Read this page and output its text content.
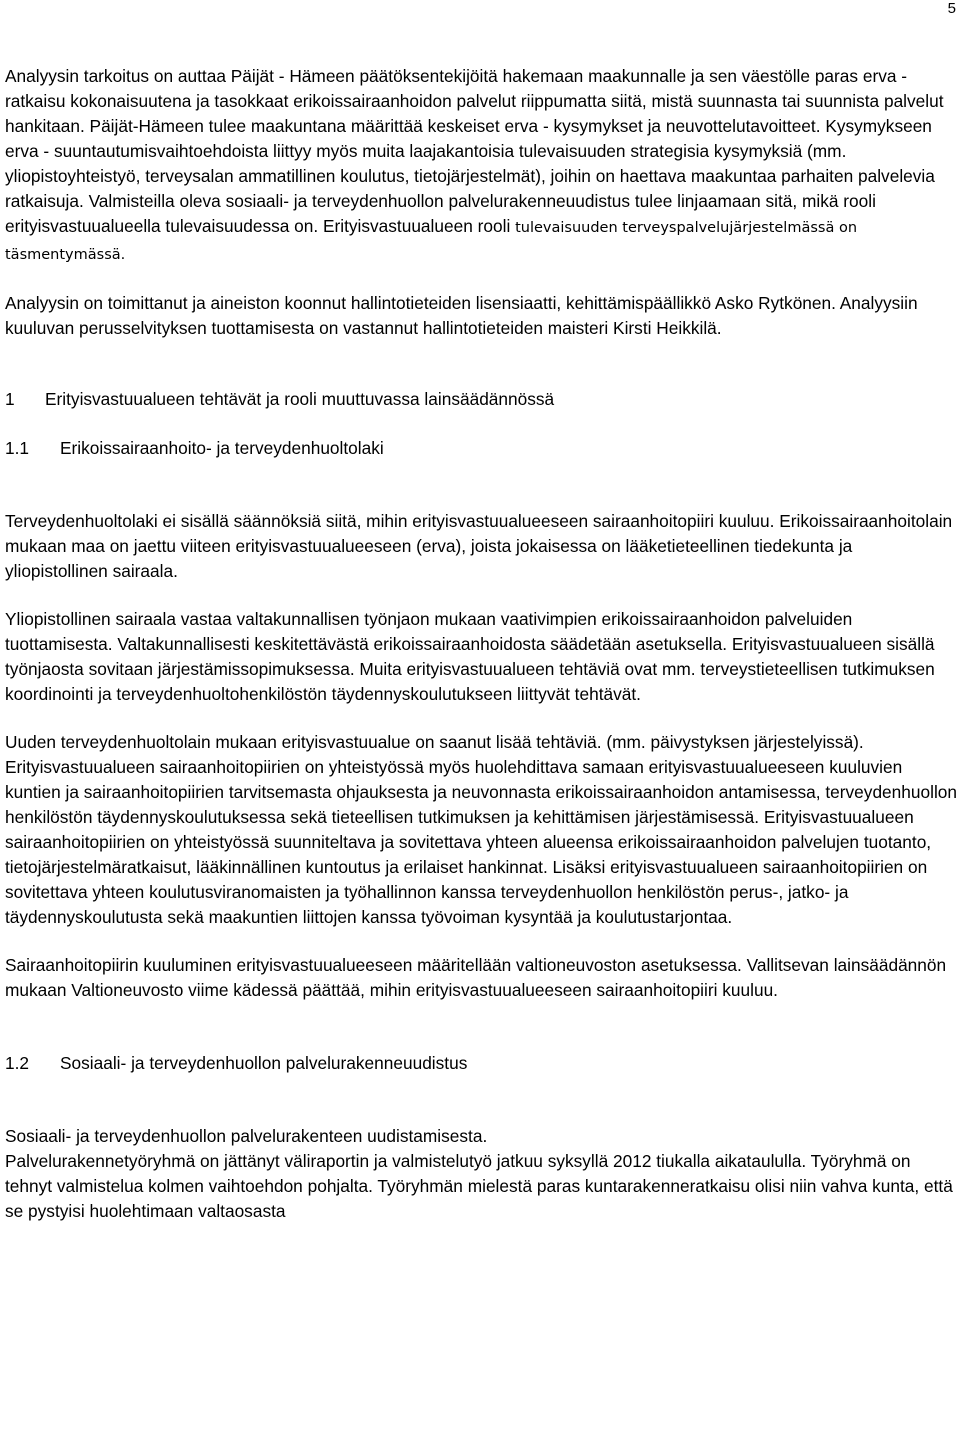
5

Analyysin tarkoitus on auttaa Päijät - Hämeen päätöksentekijöitä hakemaan maakunnalle ja sen väestölle paras erva - ratkaisu kokonaisuutena ja tasokkaat erikoissairaanhoidon palvelut riippumatta siitä, mistä suunnasta tai suunnista palvelut hankitaan. Päijät-Hämeen tulee maakuntana määrittää keskeiset erva - kysymykset ja neuvottelutavoitteet. Kysymykseen erva - suuntautumisvaihtoehdoista liittyy myös muita laajakantoisia tulevaisuuden strategisia kysymyksiä (mm. yliopistoyhteistyö, terveysalan ammatillinen koulutus, tietojärjestelmät), joihin on haettava maakuntaa parhaiten palvelevia ratkaisuja. Valmisteilla oleva sosiaali- ja terveydenhuollon palvelurakenneuudistus tulee linjaamaan sitä, mikä rooli erityisvastuualueella tulevaisuudessa on. Erityisvastuualueen rooli tulevaisuuden terveyspalvelujärjestelmässä on täsmentymässä.

Analyysin on toimittanut ja aineiston koonnut hallintotieteiden lisensiaatti, kehittämispäällikkö Asko Rytkönen. Analyysiin kuuluvan perusselvityksen tuottamisesta on vastannut hallintotieteiden maisteri Kirsti Heikkilä.

1 Erityisvastuualueen tehtävät ja rooli muuttuvassa lainsäädännössä

1.1 Erikoissairaanhoito- ja terveydenhuoltolaki

Terveydenhuoltolaki ei sisällä säännöksiä siitä, mihin erityisvastuualueeseen sairaanhoitopiiri kuuluu. Erikoissairaanhoitolain mukaan maa on jaettu viiteen erityisvastuualueeseen (erva), joista jokaisessa on lääketieteellinen tiedekunta ja yliopistollinen sairaala.

Yliopistollinen sairaala vastaa valtakunnallisen työnjaon mukaan vaativimpien erikoissairaanhoidon palveluiden tuottamisesta. Valtakunnallisesti keskitettävästä erikoissairaanhoidosta säädetään asetuksella. Erityisvastuualueen sisällä työnjaosta sovitaan järjestämissopimuksessa. Muita erityisvastuualueen tehtäviä ovat mm. terveystieteellisen tutkimuksen koordinointi ja terveydenhuoltohenkilöstön täydennyskoulutukseen liittyvät tehtävät.

Uuden terveydenhuoltolain mukaan erityisvastuualue on saanut lisää tehtäviä. (mm. päivystyksen järjestelyissä). Erityisvastuualueen sairaanhoitopiirien on yhteistyössä myös huolehdittava samaan erityisvastuualueeseen kuuluvien kuntien ja sairaanhoitopiirien tarvitsemasta ohjauksesta ja neuvonnasta erikoissairaanhoidon antamisessa, terveydenhuollon henkilöstön täydennyskoulutuksessa sekä tieteellisen tutkimuksen ja kehittämisen järjestämisessä. Erityisvastuualueen sairaanhoitopiirien on yhteistyössä suunniteltava ja sovitettava yhteen alueensa erikoissairaanhoidon palvelujen tuotanto, tietojärjestelmäratkaisut, lääkinnällinen kuntoutus ja erilaiset hankinnat. Lisäksi erityisvastuualueen sairaanhoitopiirien on sovitettava yhteen koulutusviranomaisten ja työhallinnon kanssa terveydenhuollon henkilöstön perus-, jatko- ja täydennyskoulutusta sekä maakuntien liittojen kanssa työvoiman kysyntää ja koulutustarjontaa.

Sairaanhoitopiirin kuuluminen erityisvastuualueeseen määritellään valtioneuvoston asetuksessa. Vallitsevan lainsäädännön mukaan Valtioneuvosto viime kädessä päättää, mihin erityisvastuualueeseen sairaanhoitopiiri kuuluu.

1.2 Sosiaali- ja terveydenhuollon palvelurakenneuudistus

Sosiaali- ja terveydenhuollon palvelurakenteen uudistamisesta.

Palvelurakennetyöryhmä on jättänyt väliraportin ja valmistelutyö jatkuu syksyllä 2012 tiukalla aikataululla. Työryhmä on tehnyt valmistelua kolmen vaihtoehdon pohjalta. Työryhmän mielestä paras kuntarakenneratkaisu olisi niin vahva kunta, että se pystyisi huolehtimaan valtaosasta
